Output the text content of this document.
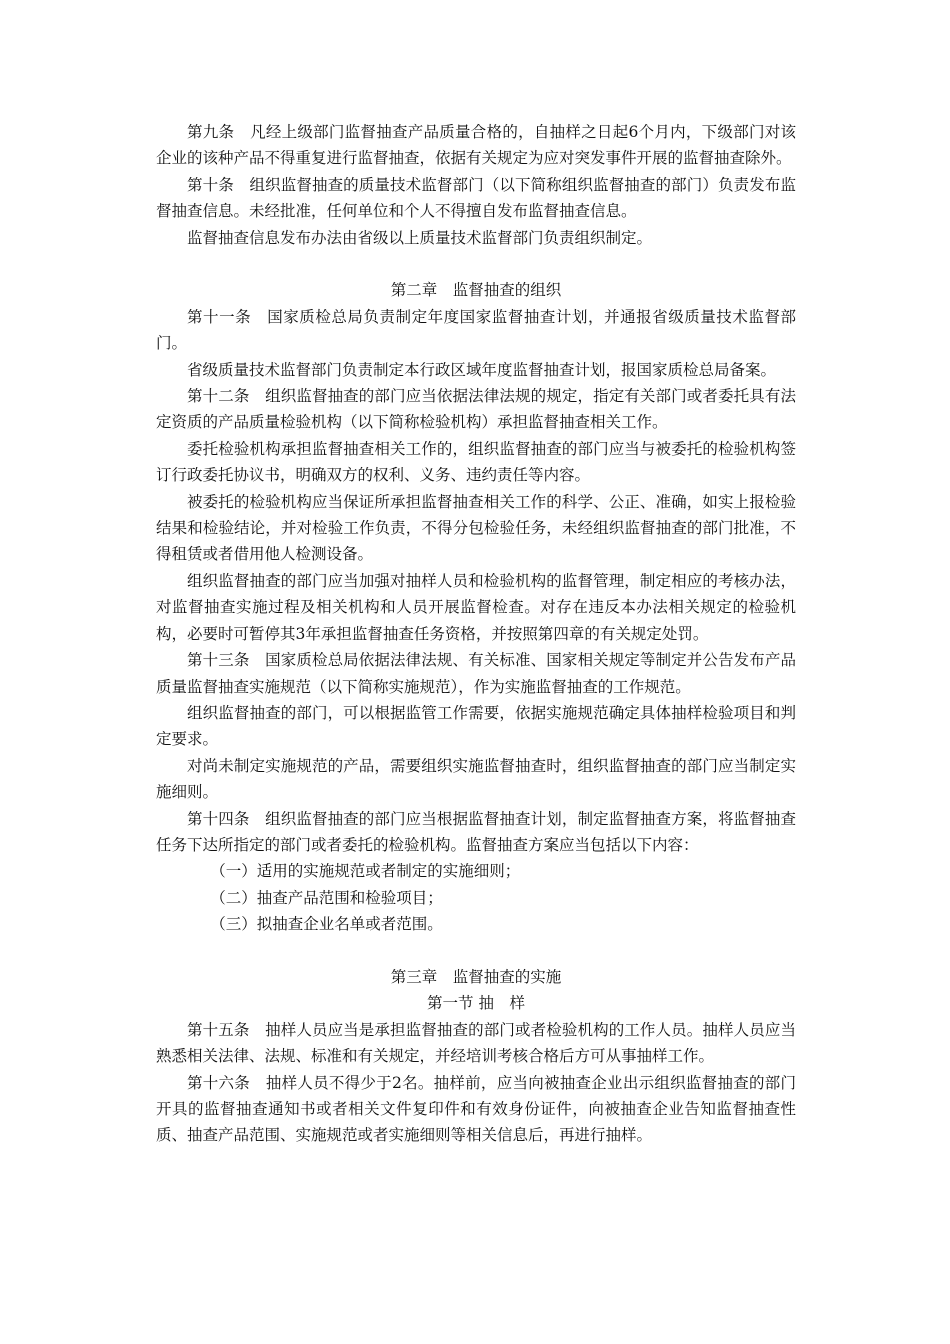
第九条　凡经上级部门监督抽查产品质量合格的，自抽样之日起6个月内，下级部门对该企业的该种产品不得重复进行监督抽查，依据有关规定为应对突发事件开展的监督抽查除外。

第十条　组织监督抽查的质量技术监督部门（以下简称组织监督抽查的部门）负责发布监督抽查信息。未经批准，任何单位和个人不得擅自发布监督抽查信息。

监督抽查信息发布办法由省级以上质量技术监督部门负责组织制定。

第二章　监督抽查的组织

第十一条　国家质检总局负责制定年度国家监督抽查计划，并通报省级质量技术监督部门。

省级质量技术监督部门负责制定本行政区域年度监督抽查计划，报国家质检总局备案。

第十二条　组织监督抽查的部门应当依据法律法规的规定，指定有关部门或者委托具有法定资质的产品质量检验机构（以下简称检验机构）承担监督抽查相关工作。

委托检验机构承担监督抽查相关工作的，组织监督抽查的部门应当与被委托的检验机构签订行政委托协议书，明确双方的权利、义务、违约责任等内容。

被委托的检验机构应当保证所承担监督抽查相关工作的科学、公正、准确，如实上报检验结果和检验结论，并对检验工作负责，不得分包检验任务，未经组织监督抽查的部门批准，不得租赁或者借用他人检测设备。

组织监督抽查的部门应当加强对抽样人员和检验机构的监督管理，制定相应的考核办法，对监督抽查实施过程及相关机构和人员开展监督检查。对存在违反本办法相关规定的检验机构，必要时可暂停其3年承担监督抽查任务资格，并按照第四章的有关规定处罚。

第十三条　国家质检总局依据法律法规、有关标准、国家相关规定等制定并公告发布产品质量监督抽查实施规范（以下简称实施规范），作为实施监督抽查的工作规范。

组织监督抽查的部门，可以根据监管工作需要，依据实施规范确定具体抽样检验项目和判定要求。

对尚未制定实施规范的产品，需要组织实施监督抽查时，组织监督抽查的部门应当制定实施细则。

第十四条　组织监督抽查的部门应当根据监督抽查计划，制定监督抽查方案，将监督抽查任务下达所指定的部门或者委托的检验机构。监督抽查方案应当包括以下内容：

（一）适用的实施规范或者制定的实施细则；

（二）抽查产品范围和检验项目；

（三）拟抽查企业名单或者范围。

第三章　监督抽查的实施

第一节 抽　样

第十五条　抽样人员应当是承担监督抽查的部门或者检验机构的工作人员。抽样人员应当熟悉相关法律、法规、标准和有关规定，并经培训考核合格后方可从事抽样工作。

第十六条　抽样人员不得少于2名。抽样前，应当向被抽查企业出示组织监督抽查的部门开具的监督抽查通知书或者相关文件复印件和有效身份证件，向被抽查企业告知监督抽查性质、抽查产品范围、实施规范或者实施细则等相关信息后，再进行抽样。
